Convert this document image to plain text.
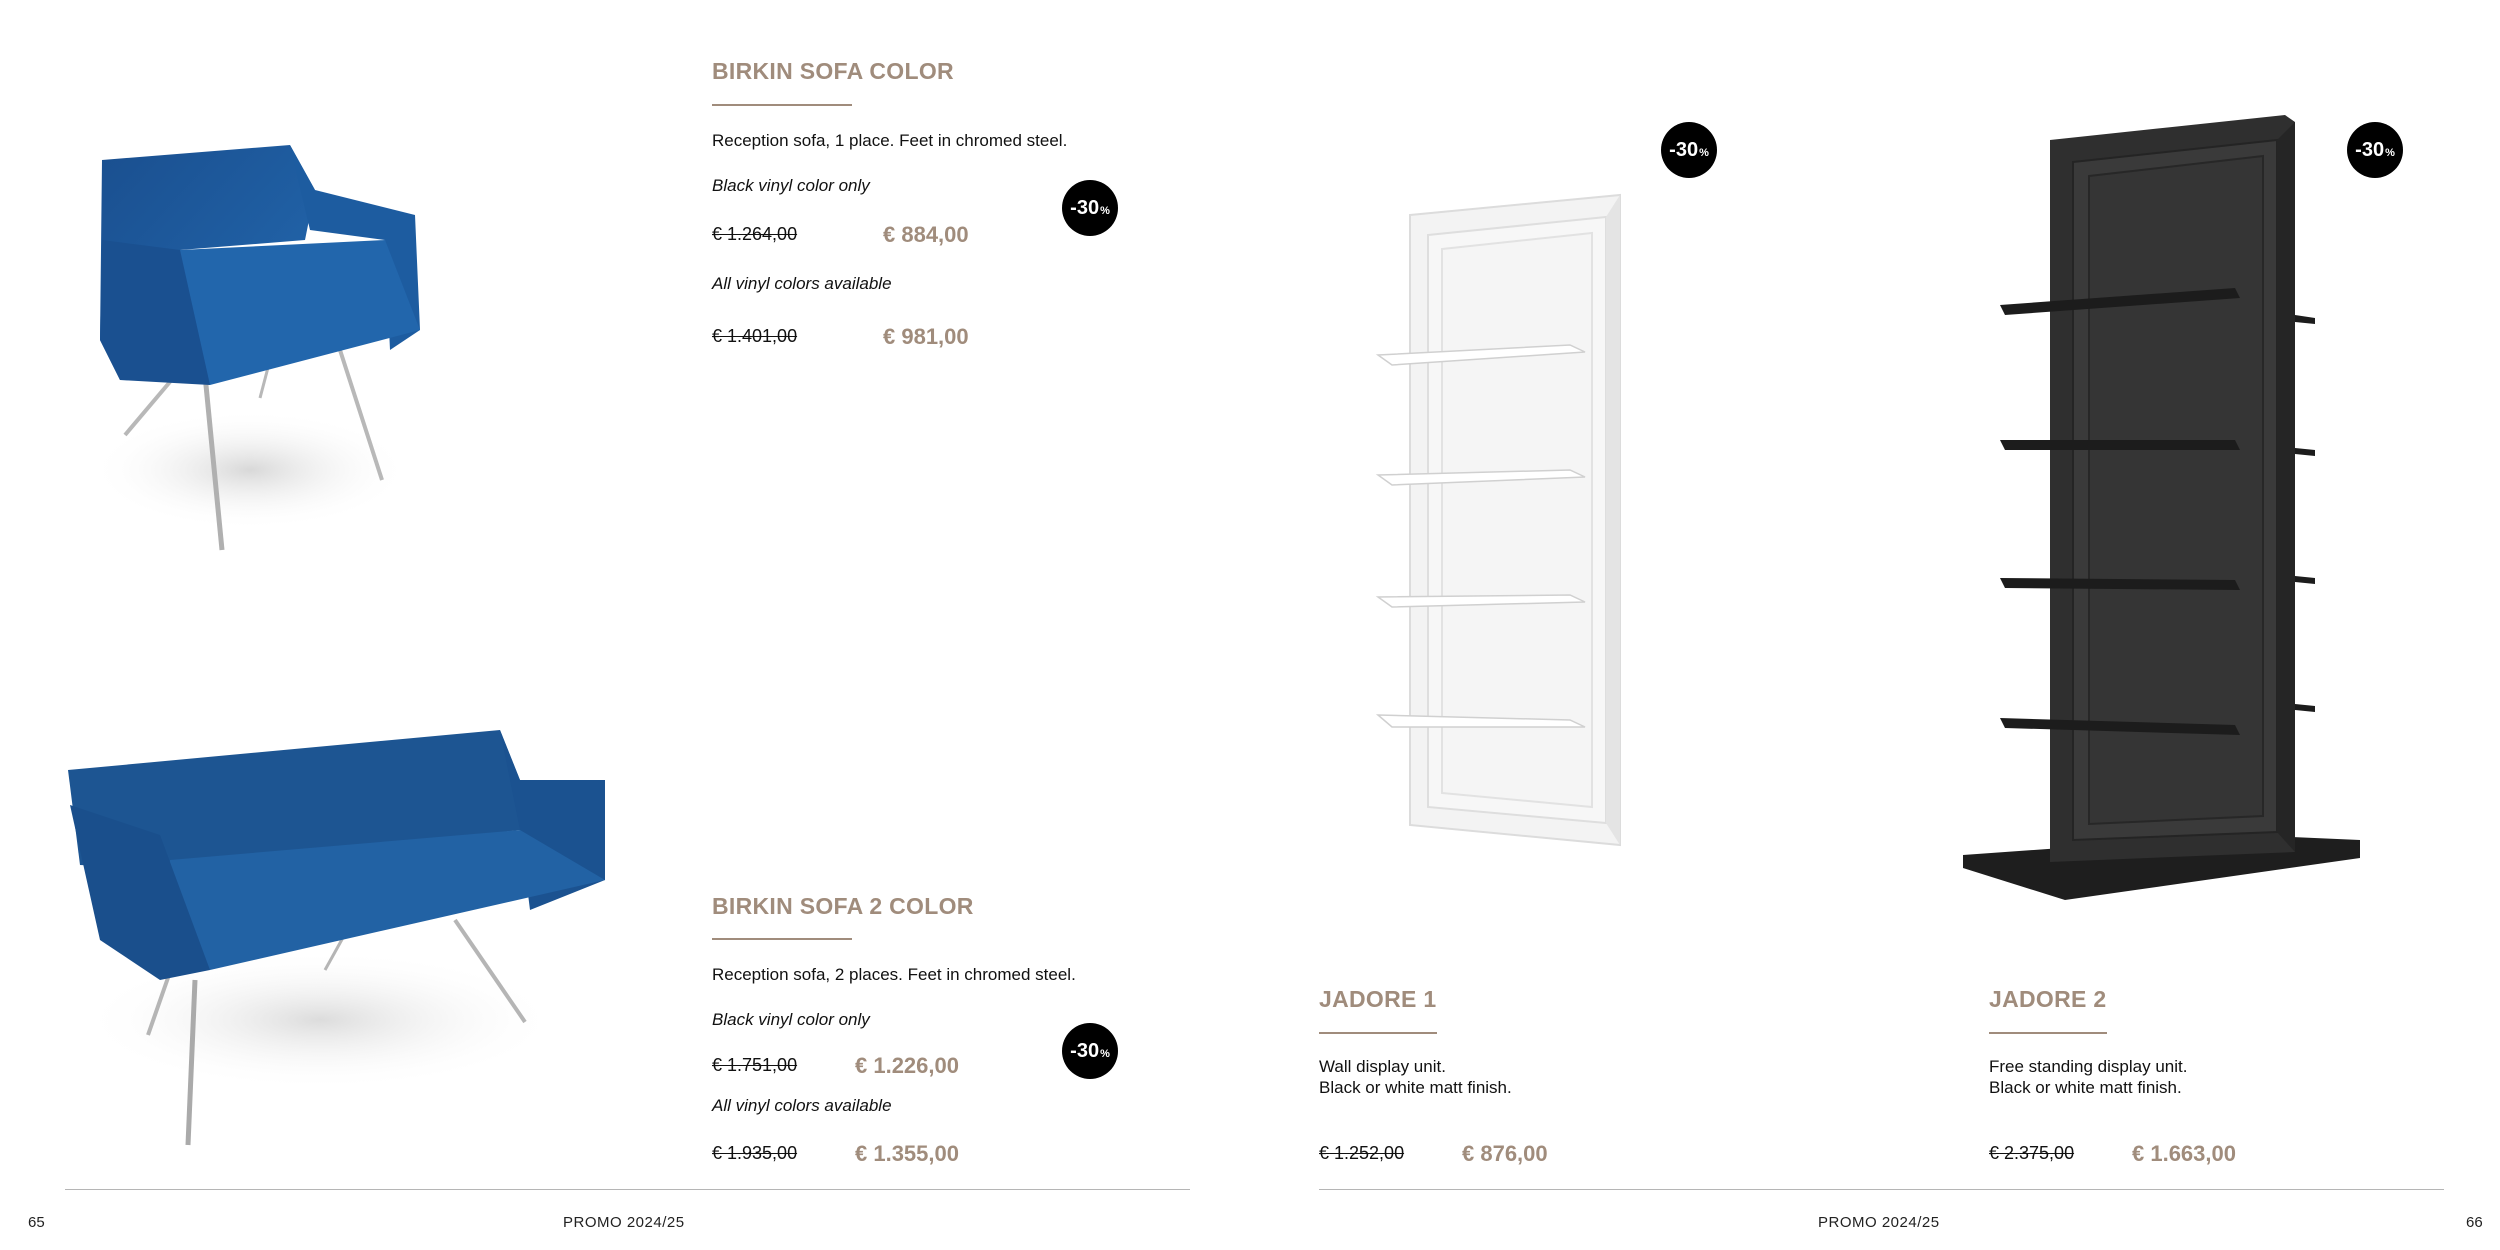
BIRKIN SOFA COLOR
Reception sofa, 1 place. Feet in chromed steel.
Black vinyl color only
€ 1.264,00	€ 884,00
All vinyl colors available
€ 1.401,00	€ 981,00
-30 %
BIRKIN SOFA 2 COLOR
Reception sofa, 2 places. Feet in chromed steel.
Black vinyl color only
€ 1.751,00	€ 1.226,00
All vinyl colors available
€ 1.935,00	€ 1.355,00
-30 %
65	PROMO 2024/25
-30 %	-30 %
JADORE 1
Wall display unit.
Black or white matt finish.
€ 1.252,00	€ 876,00
JADORE 2
Free standing display unit.
Black or white matt finish.
€ 2.375,00	€ 1.663,00
PROMO 2024/25	66
